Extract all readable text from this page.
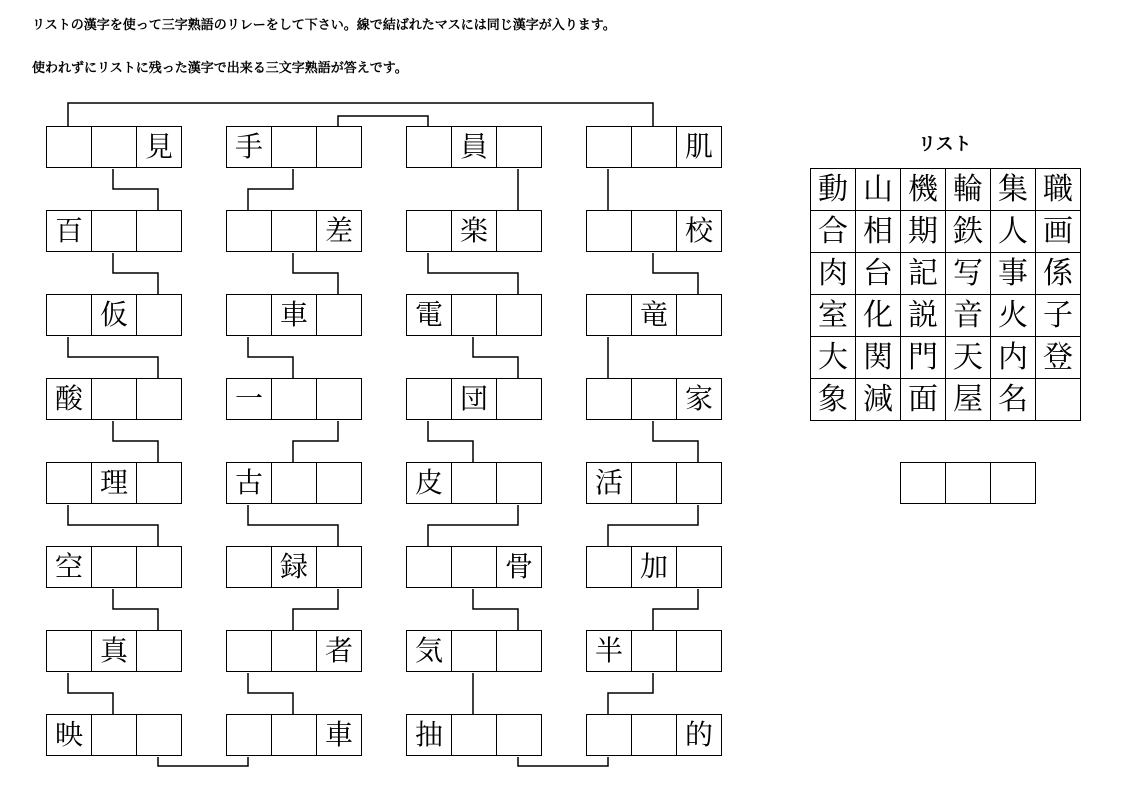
リストの漢字を使って三字熟語のリレーをして下さい。線で結ばれたマスには同じ漢字が入ります。
使われずにリストに残った漢字で出来る三文字熟語が答えです。
見
百
仮
酸
理
空
真
映
手
差
車
一
古
録
者
車
員
楽
電
団
皮
骨
気
抽
肌
校
竜
家
活
加
半
的
リスト
動 山 機 輪 集 職
合 相 期 鉄 人 画
肉 台 記 写 事 係
室 化 説 音 火 子
大 関 門 天 内 登
象 減 面 屋 名
